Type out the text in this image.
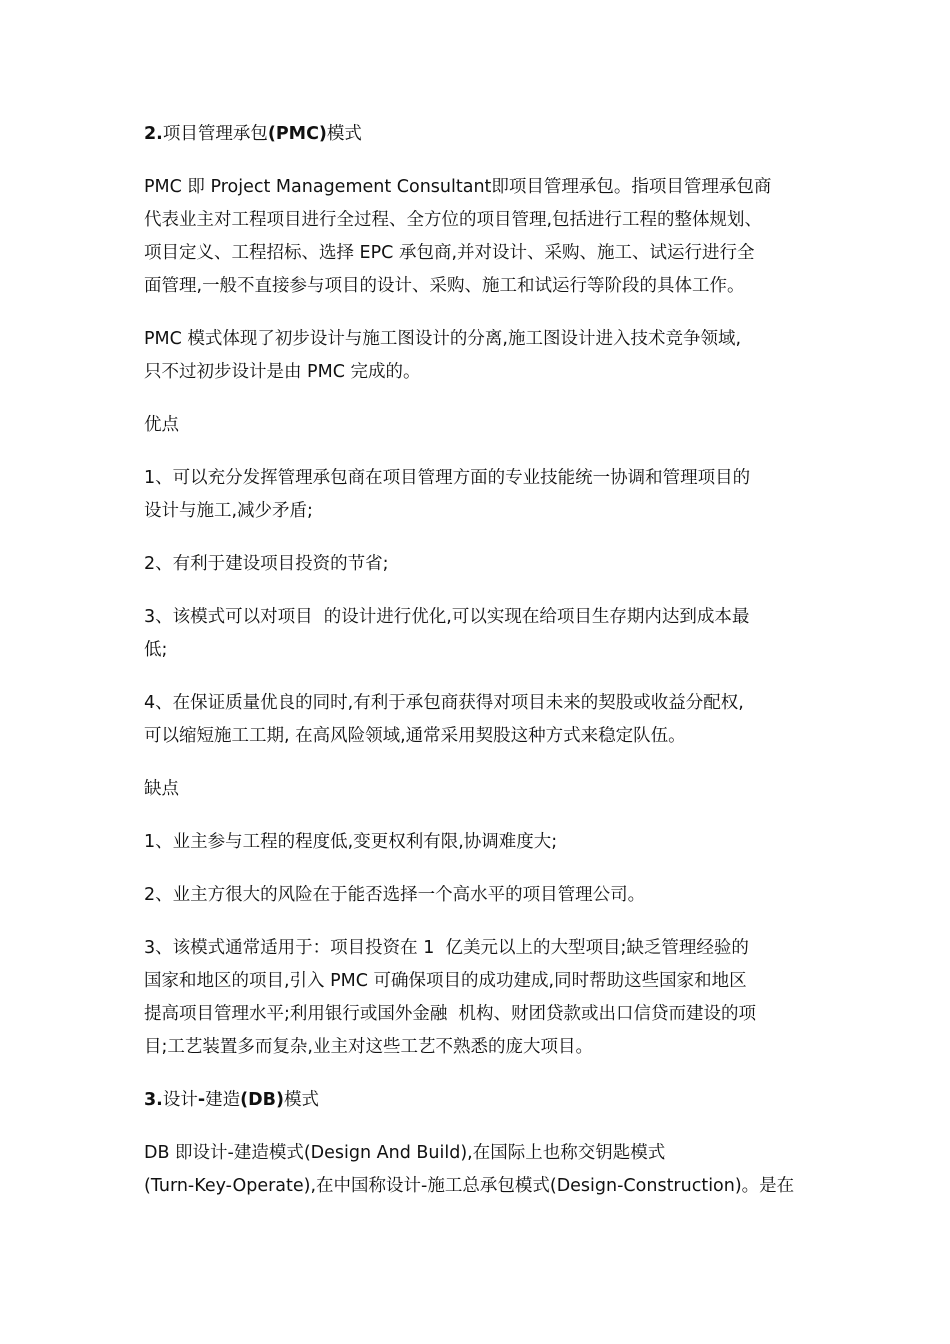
2.项目管理承包(PMC)模式
PMC 即 Project Management Consultant即项目管理承包。指项目管理承包商
代表业主对工程项目进行全过程、全方位的项目管理,包括进行工程的整体规划、
项目定义、工程招标、选择 EPC 承包商,并对设计、采购、施工、试运行进行全
面管理,一般不直接参与项目的设计、采购、施工和试运行等阶段的具体工作。
PMC 模式体现了初步设计与施工图设计的分离,施工图设计进入技术竞争领域,
只不过初步设计是由 PMC 完成的。
优点
1、可以充分发挥管理承包商在项目管理方面的专业技能统一协调和管理项目的
设计与施工,减少矛盾;
2、有利于建设项目投资的节省;
3、该模式可以对项目  的设计进行优化,可以实现在给项目生存期内达到成本最
低;
4、在保证质量优良的同时,有利于承包商获得对项目未来的契股或收益分配权,
可以缩短施工工期, 在高风险领域,通常采用契股这种方式来稳定队伍。
缺点
1、业主参与工程的程度低,变更权利有限,协调难度大;
2、业主方很大的风险在于能否选择一个高水平的项目管理公司。
3、该模式通常适用于：项目投资在 1  亿美元以上的大型项目;缺乏管理经验的
国家和地区的项目,引入 PMC 可确保项目的成功建成,同时帮助这些国家和地区
提高项目管理水平;利用银行或国外金融  机构、财团贷款或出口信贷而建设的项
目;工艺装置多而复杂,业主对这些工艺不熟悉的庞大项目。
3.设计-建造(DB)模式
DB 即设计-建造模式(Design And Build),在国际上也称交钥匙模式
(Turn-Key-Operate),在中国称设计-施工总承包模式(Design-Construction)。是在
